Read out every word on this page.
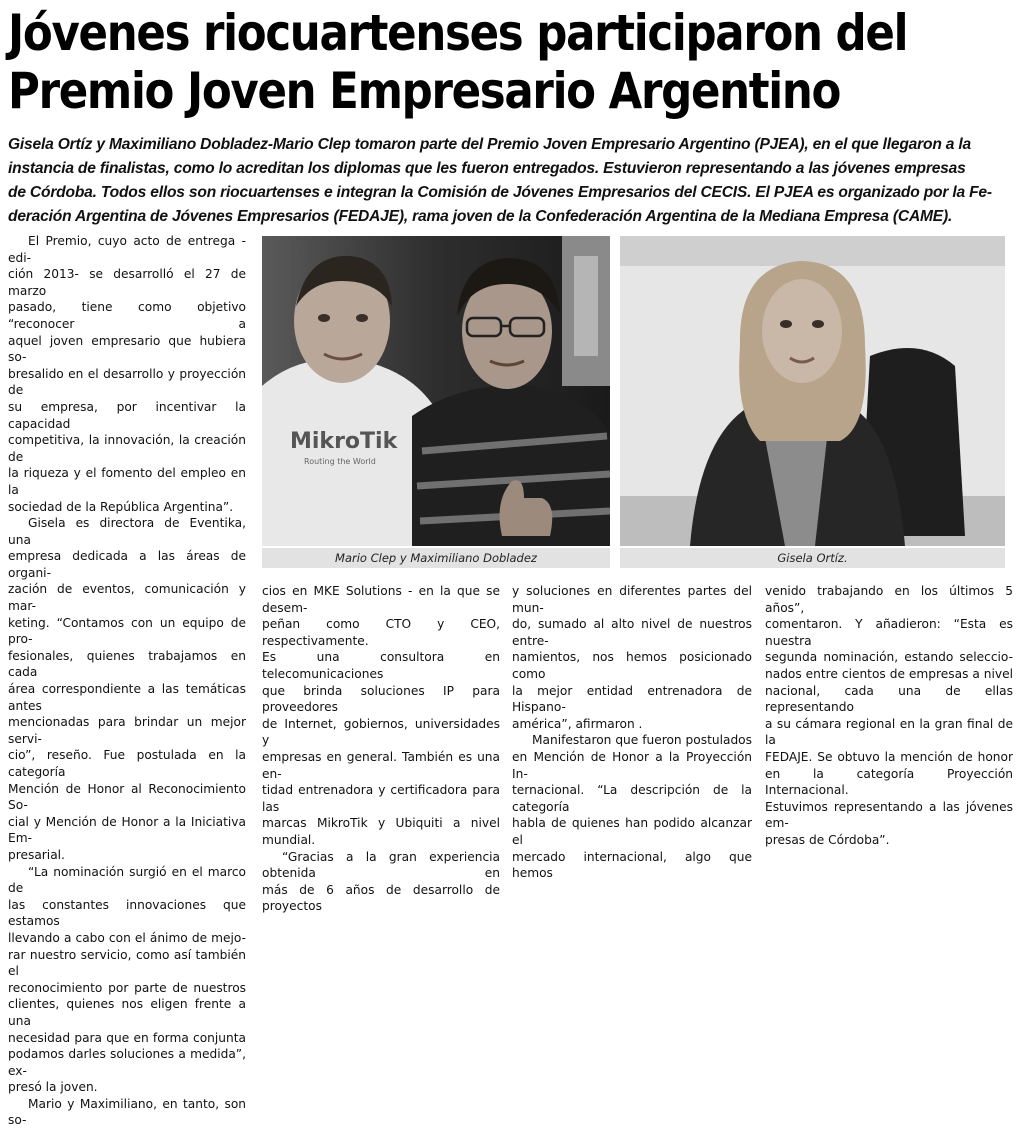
Jóvenes riocuartenses participaron del
Premio Joven Empresario Argentino

Gisela Ortíz y Maximiliano Dobladez-Mario Clep tomaron parte del Premio Joven Empresario Argentino (PJEA), en el que llegaron a la
instancia de finalistas, como lo acreditan los diplomas que les fueron entregados. Estuvieron representando a las jóvenes empresas
de Córdoba. Todos ellos son riocuartenses e integran la Comisión de Jóvenes Empresarios del CECIS. El PJEA es organizado por la Fe-
deración Argentina de Jóvenes Empresarios (FEDAJE), rama joven de la Confederación Argentina de la Mediana Empresa (CAME).

El Premio, cuyo acto de entrega -edi-
ción 2013- se desarrolló el 27 de marzo
pasado, tiene como objetivo “reconocer a
aquel joven empresario que hubiera so-
bresalido en el desarrollo y proyección de
su empresa, por incentivar la capacidad
competitiva, la innovación, la creación de
la riqueza y el fomento del empleo en la
sociedad de la República Argentina”.
Gisela es directora de Eventika, una
empresa dedicada a las áreas de organi-
zación de eventos, comunicación y mar-
keting. “Contamos con un equipo de pro-
fesionales, quienes trabajamos en cada
área correspondiente a las temáticas antes
mencionadas para brindar un mejor servi-
cio”, reseño. Fue postulada en la categoría
Mención de Honor al Reconocimiento So-
cial y Mención de Honor a la Iniciativa Em-
presarial.
“La nominación surgió en el marco de
las constantes innovaciones que estamos
llevando a cabo con el ánimo de mejo-
rar nuestro servicio, como así también el
reconocimiento por parte de nuestros
clientes, quienes nos eligen frente a una
necesidad para que en forma conjunta
podamos darles soluciones a medida”, ex-
presó la joven.
Mario y Maximiliano, en tanto, son so-
MikroTik
Routing the World
Mario Clep y Maximiliano Dobladez	Gisela Ortíz.
cios en MKE Solutions - en la que se desem-
peñan como CTO y CEO, respectivamente.
Es una consultora en telecomunicaciones
que brinda soluciones IP para proveedores
de Internet, gobiernos, universidades y
empresas en general. También es una en-
tidad entrenadora y certificadora para las
marcas MikroTik y Ubiquiti a nivel mundial.
“Gracias a la gran experiencia obtenida en
más de 6 años de desarrollo de proyectos
y soluciones en diferentes partes del mun-
do, sumado al alto nivel de nuestros entre-
namientos, nos hemos posicionado como
la mejor entidad entrenadora de Hispano-
américa”, afirmaron .
Manifestaron que fueron postulados
en Mención de Honor a la Proyección In-
ternacional. “La descripción de la categoría
habla de quienes han podido alcanzar el
mercado internacional, algo que hemos
venido trabajando en los últimos 5 años”,
comentaron. Y añadieron: “Esta es nuestra
segunda nominación, estando seleccio-
nados entre cientos de empresas a nivel
nacional, cada una de ellas representando
a su cámara regional en la gran final de la
FEDAJE. Se obtuvo la mención de honor
en la categoría Proyección Internacional.
Estuvimos representando a las jóvenes em-
presas de Córdoba”.
